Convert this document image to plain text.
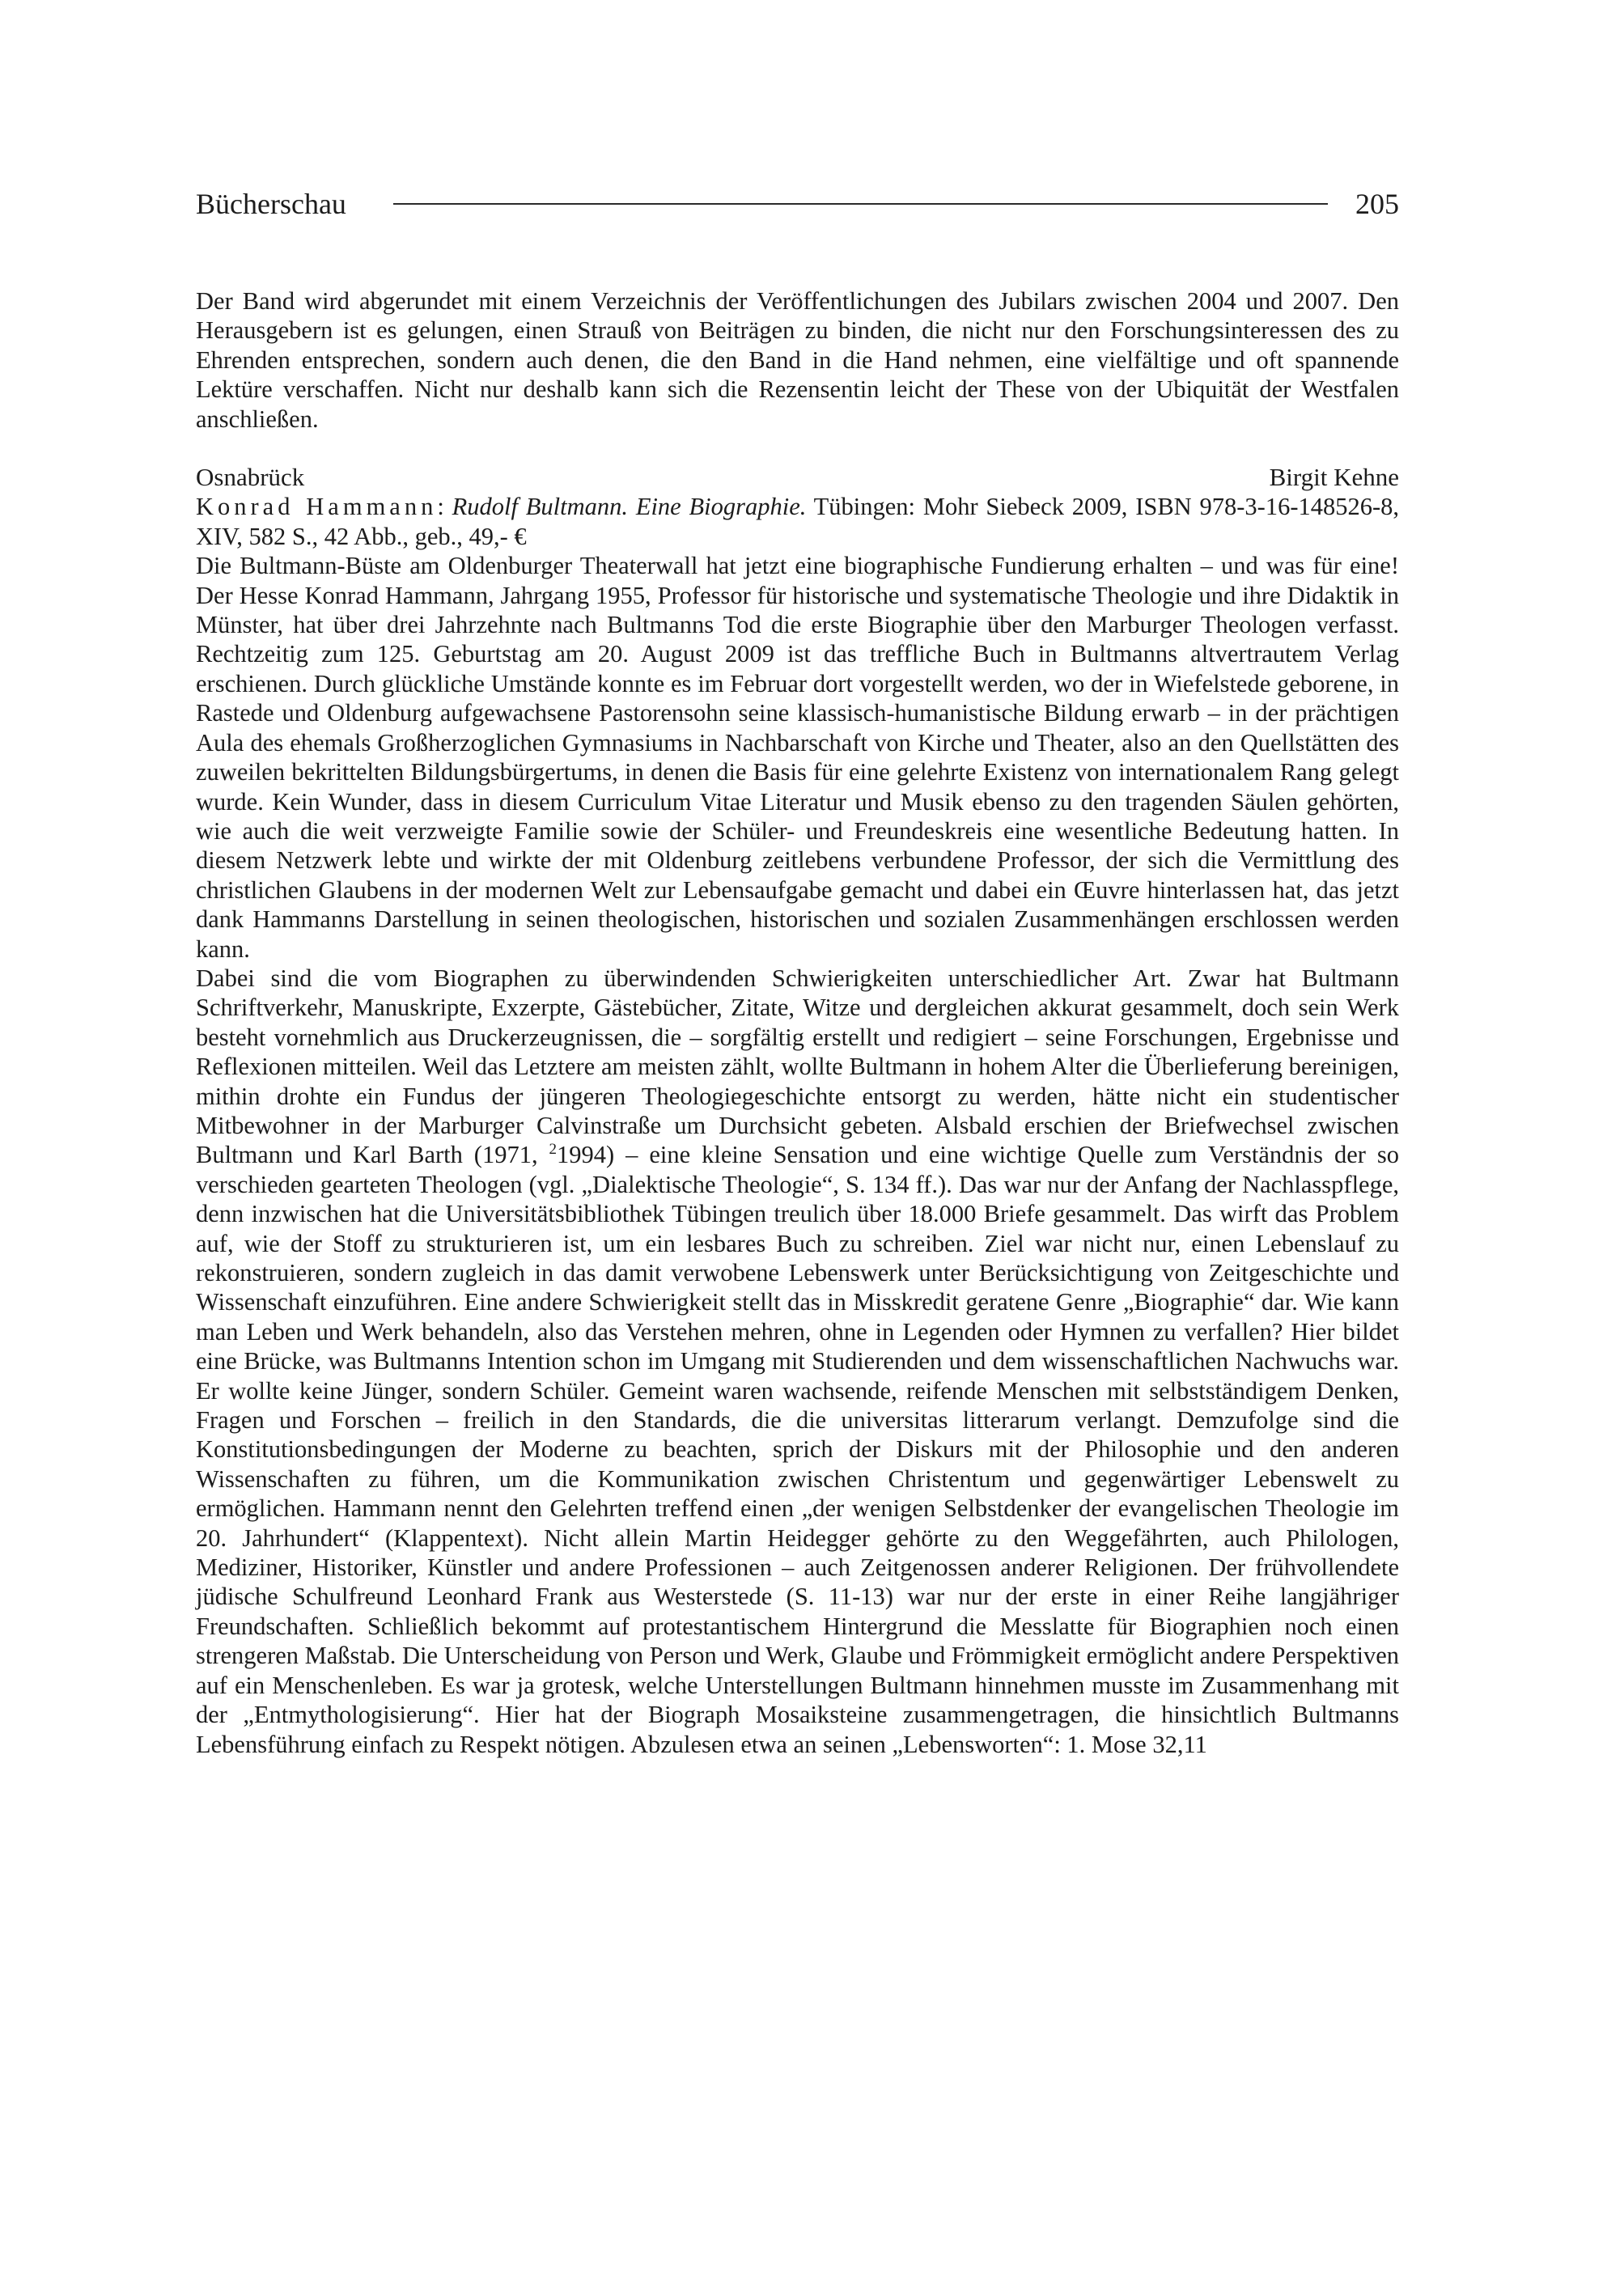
Bücherschau	205

Der Band wird abgerundet mit einem Verzeichnis der Veröffentlichungen des Jubilars zwischen 2004 und 2007. Den Herausgebern ist es gelungen, einen Strauß von Beiträgen zu binden, die nicht nur den Forschungsinteressen des zu Ehrenden entsprechen, sondern auch denen, die den Band in die Hand nehmen, eine vielfältige und oft spannende Lektüre verschaffen. Nicht nur deshalb kann sich die Rezensentin leicht der These von der Ubiquität der Westfalen anschließen.

Osnabrück	Birgit Kehne

Konrad Hammann: Rudolf Bultmann. Eine Biographie. Tübingen: Mohr Siebeck 2009, ISBN 978-3-16-148526-8, XIV, 582 S., 42 Abb., geb., 49,- €

Die Bultmann-Büste am Oldenburger Theaterwall hat jetzt eine biographische Fundierung erhalten – und was für eine! Der Hesse Konrad Hammann, Jahrgang 1955, Professor für historische und systematische Theologie und ihre Didaktik in Münster, hat über drei Jahrzehnte nach Bultmanns Tod die erste Biographie über den Marburger Theologen verfasst. Rechtzeitig zum 125. Geburtstag am 20. August 2009 ist das treffliche Buch in Bultmanns altvertrautem Verlag erschienen. Durch glückliche Umstände konnte es im Februar dort vorgestellt werden, wo der in Wiefelstede geborene, in Rastede und Oldenburg aufgewachsene Pastorensohn seine klassisch-humanistische Bildung erwarb – in der prächtigen Aula des ehemals Großherzoglichen Gymnasiums in Nachbarschaft von Kirche und Theater, also an den Quellstätten des zuweilen bekrittelten Bildungsbürgertums, in denen die Basis für eine gelehrte Existenz von internationalem Rang gelegt wurde. Kein Wunder, dass in diesem Curriculum Vitae Literatur und Musik ebenso zu den tragenden Säulen gehörten, wie auch die weit verzweigte Familie sowie der Schüler- und Freundeskreis eine wesentliche Bedeutung hatten. In diesem Netzwerk lebte und wirkte der mit Oldenburg zeitlebens verbundene Professor, der sich die Vermittlung des christlichen Glaubens in der modernen Welt zur Lebensaufgabe gemacht und dabei ein Œuvre hinterlassen hat, das jetzt dank Hammanns Darstellung in seinen theologischen, historischen und sozialen Zusammenhängen erschlossen werden kann.

Dabei sind die vom Biographen zu überwindenden Schwierigkeiten unterschiedlicher Art. Zwar hat Bultmann Schriftverkehr, Manuskripte, Exzerpte, Gästebücher, Zitate, Witze und dergleichen akkurat gesammelt, doch sein Werk besteht vornehmlich aus Druckerzeugnissen, die – sorgfältig erstellt und redigiert – seine Forschungen, Ergebnisse und Reflexionen mitteilen. Weil das Letztere am meisten zählt, wollte Bultmann in hohem Alter die Überlieferung bereinigen, mithin drohte ein Fundus der jüngeren Theologiegeschichte entsorgt zu werden, hätte nicht ein studentischer Mitbewohner in der Marburger Calvinstraße um Durchsicht gebeten. Alsbald erschien der Briefwechsel zwischen Bultmann und Karl Barth (1971, $^2$1994) – eine kleine Sensation und eine wichtige Quelle zum Verständnis der so verschieden gearteten Theologen (vgl. „Dialektische Theologie“, S. 134 ff.). Das war nur der Anfang der Nachlasspflege, denn inzwischen hat die Universitätsbibliothek Tübingen treulich über 18.000 Briefe gesammelt. Das wirft das Problem auf, wie der Stoff zu strukturieren ist, um ein lesbares Buch zu schreiben. Ziel war nicht nur, einen Lebenslauf zu rekonstruieren, sondern zugleich in das damit verwobene Lebenswerk unter Berücksichtigung von Zeitgeschichte und Wissenschaft einzuführen. Eine andere Schwierigkeit stellt das in Misskredit geratene Genre „Biographie“ dar. Wie kann man Leben und Werk behandeln, also das Verstehen mehren, ohne in Legenden oder Hymnen zu verfallen? Hier bildet eine Brücke, was Bultmanns Intention schon im Umgang mit Studierenden und dem wissenschaftlichen Nachwuchs war. Er wollte keine Jünger, sondern Schüler. Gemeint waren wachsende, reifende Menschen mit selbstständigem Denken, Fragen und Forschen – freilich in den Standards, die die universitas litterarum verlangt. Demzufolge sind die Konstitutionsbedingungen der Moderne zu beachten, sprich der Diskurs mit der Philosophie und den anderen Wissenschaften zu führen, um die Kommunikation zwischen Christentum und gegenwärtiger Lebenswelt zu ermöglichen. Hammann nennt den Gelehrten treffend einen „der wenigen Selbstdenker der evangelischen Theologie im 20. Jahrhundert“ (Klappentext). Nicht allein Martin Heidegger gehörte zu den Weggefährten, auch Philologen, Mediziner, Historiker, Künstler und andere Professionen – auch Zeitgenossen anderer Religionen. Der frühvollendete jüdische Schulfreund Leonhard Frank aus Westerstede (S. 11-13) war nur der erste in einer Reihe langjähriger Freundschaften. Schließlich bekommt auf protestantischem Hintergrund die Messlatte für Biographien noch einen strengeren Maßstab. Die Unterscheidung von Person und Werk, Glaube und Frömmigkeit ermöglicht andere Perspektiven auf ein Menschenleben. Es war ja grotesk, welche Unterstellungen Bultmann hinnehmen musste im Zusammenhang mit der „Entmythologisierung“. Hier hat der Biograph Mosaiksteine zusammengetragen, die hinsichtlich Bultmanns Lebensführung einfach zu Respekt nötigen. Abzulesen etwa an seinen „Lebensworten“: 1. Mose 32,11
